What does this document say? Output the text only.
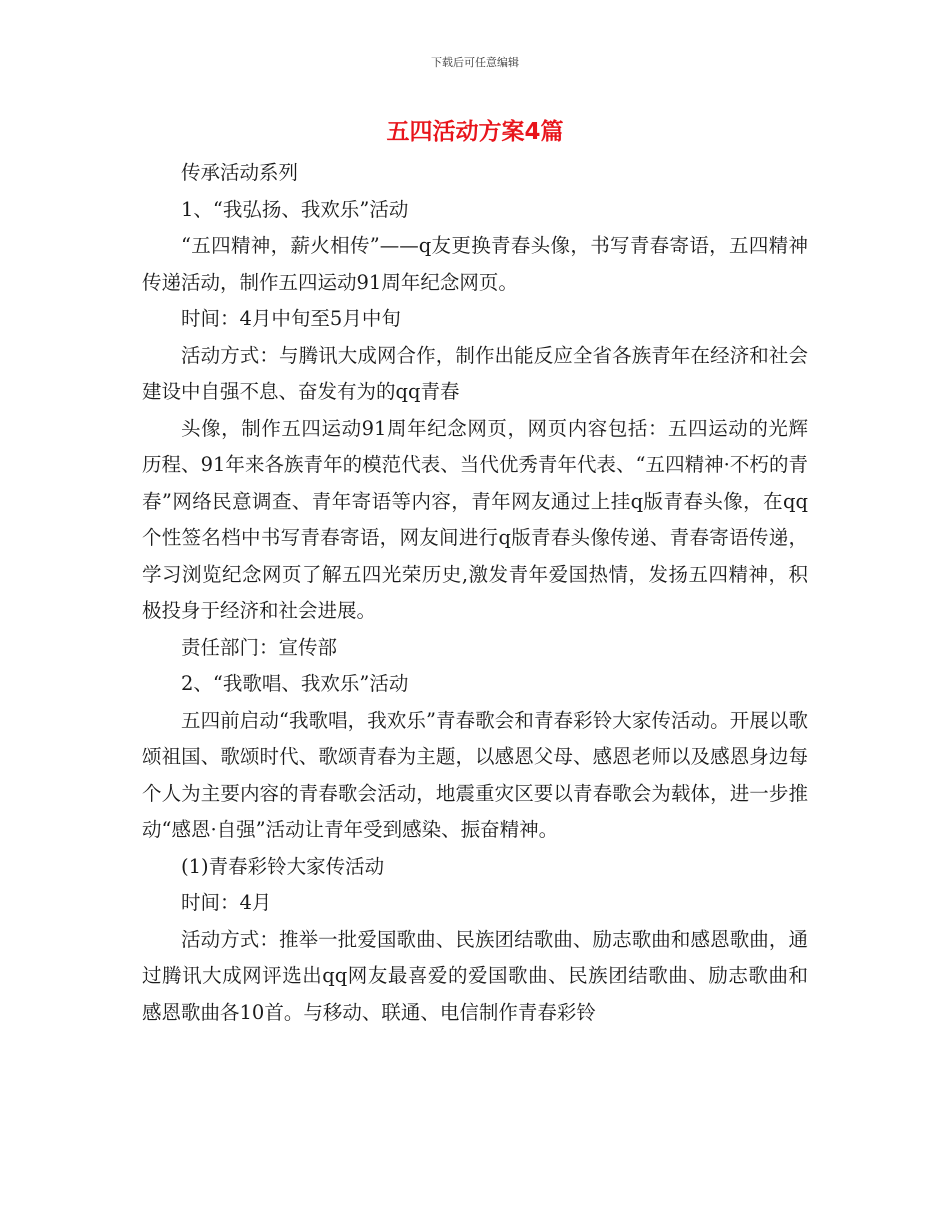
下载后可任意编辑
五四活动方案4篇

传承活动系列

1、“我弘扬、我欢乐”活动

“五四精神，薪火相传”——q友更换青春头像，书写青春寄语，五四精神传递活动，制作五四运动91周年纪念网页。

时间：4月中旬至5月中旬

活动方式：与腾讯大成网合作，制作出能反应全省各族青年在经济和社会建设中自强不息、奋发有为的qq青春

头像，制作五四运动91周年纪念网页，网页内容包括：五四运动的光辉历程、91年来各族青年的模范代表、当代优秀青年代表、“五四精神·不朽的青春”网络民意调查、青年寄语等内容，青年网友通过上挂q版青春头像，在qq个性签名档中书写青春寄语，网友间进行q版青春头像传递、青春寄语传递，学习浏览纪念网页了解五四光荣历史,激发青年爱国热情，发扬五四精神，积极投身于经济和社会进展。

责任部门：宣传部

2、“我歌唱、我欢乐”活动

五四前启动“我歌唱，我欢乐”青春歌会和青春彩铃大家传活动。开展以歌颂祖国、歌颂时代、歌颂青春为主题，以感恩父母、感恩老师以及感恩身边每个人为主要内容的青春歌会活动，地震重灾区要以青春歌会为载体，进一步推动“感恩·自强”活动让青年受到感染、振奋精神。

(1)青春彩铃大家传活动

时间：4月

活动方式：推举一批爱国歌曲、民族团结歌曲、励志歌曲和感恩歌曲，通过腾讯大成网评选出qq网友最喜爱的爱国歌曲、民族团结歌曲、励志歌曲和感恩歌曲各10首。与移动、联通、电信制作青春彩铃
